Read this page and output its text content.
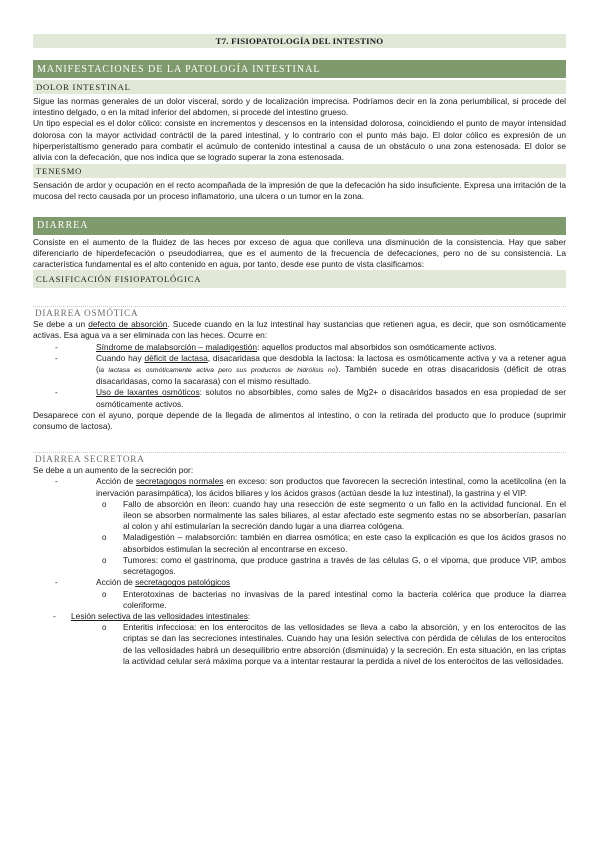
T7. FISIOPATOLOGÍA DEL INTESTINO
MANIFESTACIONES DE LA PATOLOGÍA INTESTINAL
DOLOR INTESTINAL

Sigue las normas generales de un dolor visceral, sordo y de localización imprecisa. Podríamos decir en la zona periumbilical, si procede del intestino delgado, o en la mitad inferior del abdomen, si procede del intestino grueso.

Un tipo especial es el dolor cólico: consiste en incrementos y descensos en la intensidad dolorosa, coincidiendo el punto de mayor intensidad dolorosa con la mayor actividad contráctil de la pared intestinal, y lo contrario con el punto más bajo. El dolor cólico es expresión de un hiperperistaltismo generado para combatir el acúmulo de contenido intestinal a causa de un obstáculo o una zona estenosada. El dolor se alivia con la defecación, que nos indica que se logrado superar la zona estenosada.

TENESMO

Sensación de ardor y ocupación en el recto acompañada de la impresión de que la defecación ha sido insuficiente. Expresa una irritación de la mucosa del recto causada por un proceso inflamatorio, una ulcera o un tumor en la zona.

DIARREA

Consiste en el aumento de la fluidez de las heces por exceso de agua que conlleva una disminución de la consistencia. Hay que saber diferenciarlo de hiperdefecación o pseudodiarrea, que es el aumento de la frecuencia de defecaciones, pero no de su consistencia. La característica fundamental es el alto contenido en agua, por tanto, desde ese punto de vista clasificamos:

CLASIFICACIÓN FISIOPATOLÓGICA
DIARREA OSMÓTICA

Se debe a un defecto de absorción. Sucede cuando en la luz intestinal hay sustancias que retienen agua, es decir, que son osmóticamente activas. Esa agua va a ser eliminada con las heces. Ocurre en:

-	Síndrome de malabsorción – maladigestión: aquellos productos mal absorbidos son osmóticamente activos.
-	Cuando hay déficit de lactasa, disacaridasa que desdobla la lactosa: la lactosa es osmóticamente activa y va a retener agua (la lactasa es osmóticamente activa pero sus productos de hidrólisis no). También sucede en otras disacaridosis (déficit de otras disacaridasas, como la sacarasa) con el mismo resultado.
-	Uso de laxantes osmóticos: solutos no absorbibles, como sales de Mg2+ o disacáridos basados en esa propiedad de ser osmóticamente activos.

Desaparece con el ayuno, porque depende de la llegada de alimentos al intestino, o con la retirada del producto que lo produce (suprimir consumo de lactosa).

DIARREA SECRETORA

Se debe a un aumento de la secreción por:

-	Acción de secretagogos normales en exceso: son productos que favorecen la secreción intestinal, como la acetilcolina (en la inervación parasimpática), los ácidos biliares y los ácidos grasos (actúan desde la luz intestinal), la gastrina y el VIP.
o Fallo de absorción en íleon: cuando hay una resección de este segmento o un fallo en la actividad funcional. En el íleon se absorben normalmente las sales biliares, al estar afectado este segmento estas no se absorberían, pasarían al colon y ahí estimularían la secreción dando lugar a una diarrea cológena.
o Maladigestión – malabsorción: también en diarrea osmótica; en este caso la explicación es que los ácidos grasos no absorbidos estimulan la secreción al encontrarse en exceso.
o Tumores: como el gastrinoma, que produce gastrina a través de las células G, o el vipoma, que produce VIP, ambos secretagogos.
-	Acción de secretagogos patológicos
o Enterotoxinas de bacterias no invasivas de la pared intestinal como la bacteria colérica que produce la diarrea coleriforme.
- Lesión selectiva de las vellosidades intestinales:
o Enteritis infecciosa: en los enterocitos de las vellosidades se lleva a cabo la absorción, y en los enterocitos de las criptas se dan las secreciones intestinales. Cuando hay una lesión selectiva con pérdida de células de los enterocitos de las vellosidades habrá un desequilibrio entre absorción (disminuida) y la secreción. En esta situación, en las criptas la actividad celular será máxima porque va a intentar restaurar la perdida a nivel de los enterocitos de las vellosidades.
